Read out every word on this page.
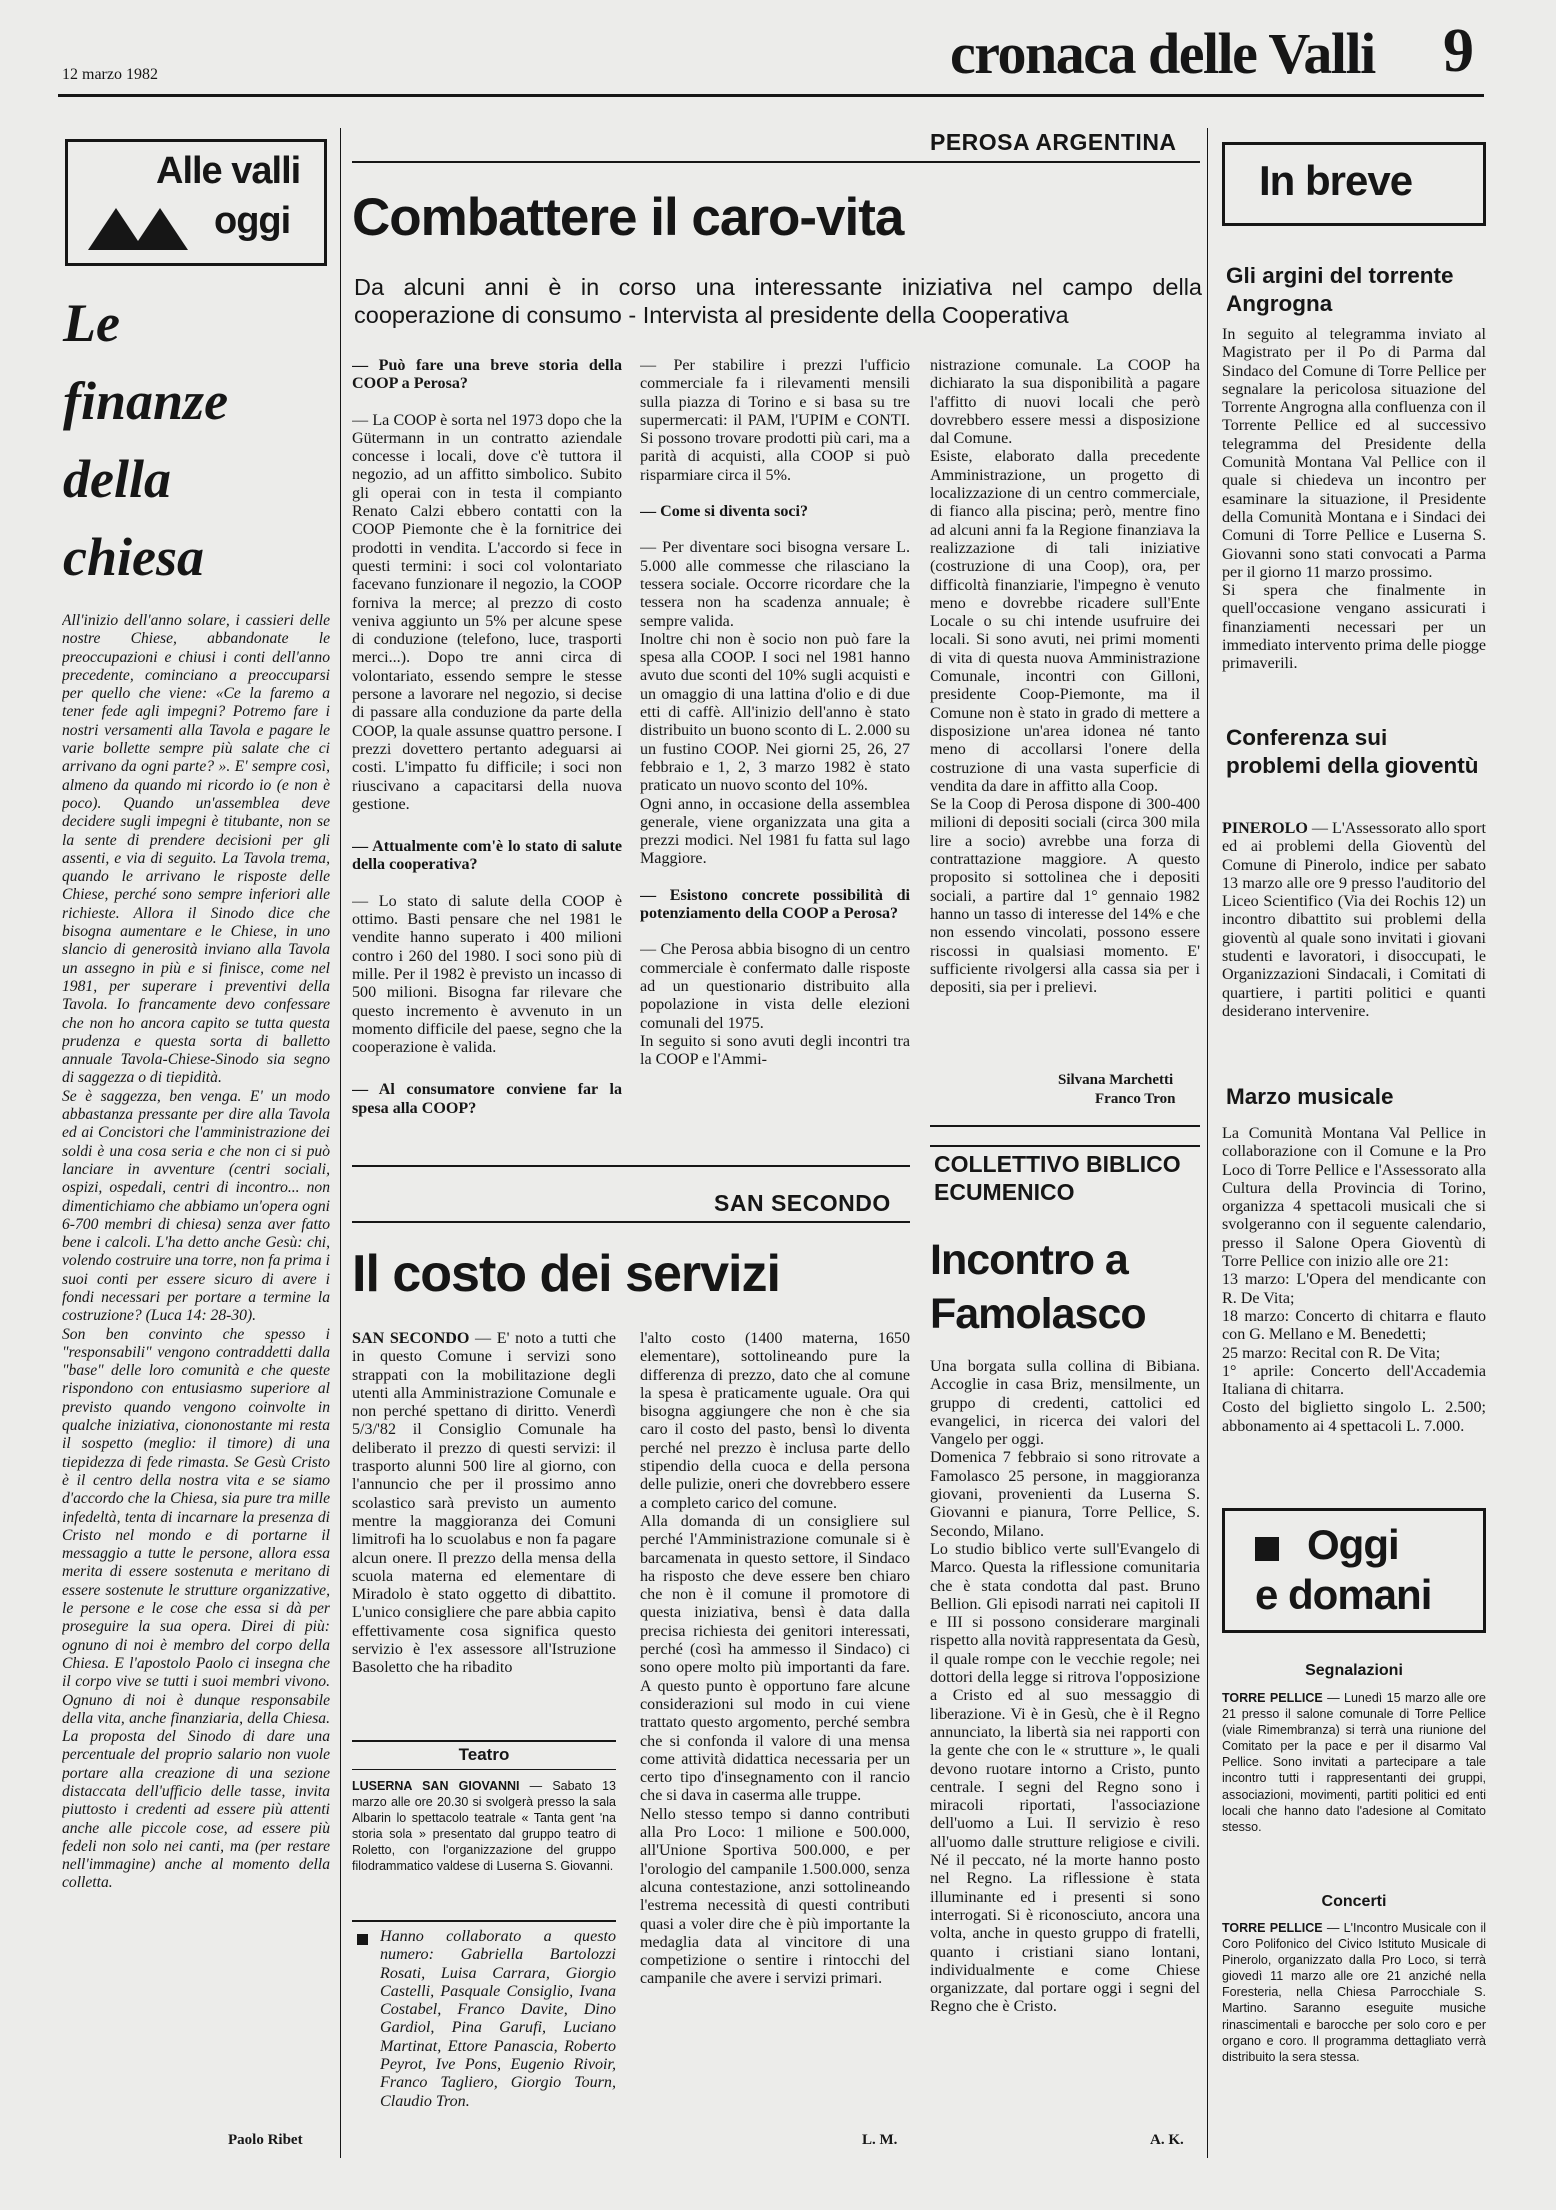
12 marzo 1982	cronaca delle Valli 9
Alle valli
oggi
Le
finanze
della
chiesa
All'inizio dell'anno solare, i cassieri delle nostre Chiese, abbandonate le preoccupazioni e chiusi i conti dell'anno precedente, cominciano a preoccuparsi per quello che viene: «Ce la faremo a tener fede agli impegni? Potremo fare i nostri versamenti alla Tavola e pagare le varie bollette sempre più salate che ci arrivano da ogni parte? ». E' sempre così, almeno da quando mi ricordo io (e non è poco). Quando un'assemblea deve decidere sugli impegni è titubante, non se la sente di prendere decisioni per gli assenti, e via di seguito. La Tavola trema, quando le arrivano le risposte delle Chiese, perché sono sempre inferiori alle richieste. Allora il Sinodo dice che bisogna aumentare e le Chiese, in uno slancio di generosità inviano alla Tavola un assegno in più e si finisce, come nel 1981, per superare i preventivi della Tavola. Io francamente devo confessare che non ho ancora capito se tutta questa prudenza e questa sorta di balletto annuale Tavola-Chiese-Sinodo sia segno di saggezza o di tiepidità.
Se è saggezza, ben venga. E' un modo abbastanza pressante per dire alla Tavola ed ai Concistori che l'amministrazione dei soldi è una cosa seria e che non ci si può lanciare in avventure (centri sociali, ospizi, ospedali, centri di incontro... non dimentichiamo che abbiamo un'opera ogni 6-700 membri di chiesa) senza aver fatto bene i calcoli. L'ha detto anche Gesù: chi, volendo costruire una torre, non fa prima i suoi conti per essere sicuro di avere i fondi necessari per portare a termine la costruzione? (Luca 14: 28-30).
Son ben convinto che spesso i "responsabili" vengono contraddetti dalla "base" delle loro comunità e che queste rispondono con entusiasmo superiore al previsto quando vengono coinvolte in qualche iniziativa, ciononostante mi resta il sospetto (meglio: il timore) di una tiepidezza di fede rimasta. Se Gesù Cristo è il centro della nostra vita e se siamo d'accordo che la Chiesa, sia pure tra mille infedeltà, tenta di incarnare la presenza di Cristo nel mondo e di portarne il messaggio a tutte le persone, allora essa merita di essere sostenuta e meritano di essere sostenute le strutture organizzative, le persone e le cose che essa si dà per proseguire la sua opera. Direi di più: ognuno di noi è membro del corpo della Chiesa. E l'apostolo Paolo ci insegna che il corpo vive se tutti i suoi membri vivono. Ognuno di noi è dunque responsabile della vita, anche finanziaria, della Chiesa. La proposta del Sinodo di dare una percentuale del proprio salario non vuole portare alla creazione di una sezione distaccata dell'ufficio delle tasse, invita piuttosto i credenti ad essere più attenti anche alle piccole cose, ad essere più fedeli non solo nei canti, ma (per restare nell'immagine) anche al momento della colletta.
Paolo Ribet
PEROSA ARGENTINA
Combattere il caro-vita
Da alcuni anni è in corso una interessante iniziativa nel campo della cooperazione di consumo - Intervista al presidente della Cooperativa
— Può fare una breve storia della COOP a Perosa?
— La COOP è sorta nel 1973 dopo che la Gütermann in un contratto aziendale concesse i locali, dove c'è tuttora il negozio, ad un affitto simbolico. Subito gli operai con in testa il compianto Renato Calzi ebbero contatti con la COOP Piemonte che è la fornitrice dei prodotti in vendita. L'accordo si fece in questi termini: i soci col volontariato facevano funzionare il negozio, la COOP forniva la merce; al prezzo di costo veniva aggiunto un 5% per alcune spese di conduzione (telefono, luce, trasporti merci...). Dopo tre anni circa di volontariato, essendo sempre le stesse persone a lavorare nel negozio, si decise di passare alla conduzione da parte della COOP, la quale assunse quattro persone. I prezzi dovettero pertanto adeguarsi ai costi. L'impatto fu difficile; i soci non riuscivano a capacitarsi della nuova gestione.
— Attualmente com'è lo stato di salute della cooperativa?
— Lo stato di salute della COOP è ottimo. Basti pensare che nel 1981 le vendite hanno superato i 400 milioni contro i 260 del 1980. I soci sono più di mille. Per il 1982 è previsto un incasso di 500 milioni. Bisogna far rilevare che questo incremento è avvenuto in un momento difficile del paese, segno che la cooperazione è valida.
— Al consumatore conviene far la spesa alla COOP?
— Per stabilire i prezzi l'ufficio commerciale fa i rilevamenti mensili sulla piazza di Torino e si basa su tre supermercati: il PAM, l'UPIM e CONTI. Si possono trovare prodotti più cari, ma a parità di acquisti, alla COOP si può risparmiare circa il 5%.
— Come si diventa soci?
— Per diventare soci bisogna versare L. 5.000 alle commesse che rilasciano la tessera sociale. Occorre ricordare che la tessera non ha scadenza annuale; è sempre valida.
Inoltre chi non è socio non può fare la spesa alla COOP. I soci nel 1981 hanno avuto due sconti del 10% sugli acquisti e un omaggio di una lattina d'olio e di due etti di caffè. All'inizio dell'anno è stato distribuito un buono sconto di L. 2.000 su un fustino COOP. Nei giorni 25, 26, 27 febbraio e 1, 2, 3 marzo 1982 è stato praticato un nuovo sconto del 10%.
Ogni anno, in occasione della assemblea generale, viene organizzata una gita a prezzi modici. Nel 1981 fu fatta sul lago Maggiore.
— Esistono concrete possibilità di potenziamento della COOP a Perosa?
— Che Perosa abbia bisogno di un centro commerciale è confermato dalle risposte ad un questionario distribuito alla popolazione in vista delle elezioni comunali del 1975.
In seguito si sono avuti degli incontri tra la COOP e l'Ammi-
nistrazione comunale. La COOP ha dichiarato la sua disponibilità a pagare l'affitto di nuovi locali che però dovrebbero essere messi a disposizione dal Comune.
Esiste, elaborato dalla precedente Amministrazione, un progetto di localizzazione di un centro commerciale, di fianco alla piscina; però, mentre fino ad alcuni anni fa la Regione finanziava la realizzazione di tali iniziative (costruzione di una Coop), ora, per difficoltà finanziarie, l'impegno è venuto meno e dovrebbe ricadere sull'Ente Locale o su chi intende usufruire dei locali. Si sono avuti, nei primi momenti di vita di questa nuova Amministrazione Comunale, incontri con Gilloni, presidente Coop-Piemonte, ma il Comune non è stato in grado di mettere a disposizione un'area idonea né tanto meno di accollarsi l'onere della costruzione di una vasta superficie di vendita da dare in affitto alla Coop.
Se la Coop di Perosa dispone di 300-400 milioni di depositi sociali (circa 300 mila lire a socio) avrebbe una forza di contrattazione maggiore. A questo proposito si sottolinea che i depositi sociali, a partire dal 1° gennaio 1982 hanno un tasso di interesse del 14% e che non essendo vincolati, possono essere riscossi in qualsiasi momento. E' sufficiente rivolgersi alla cassa sia per i depositi, sia per i prelievi.
Silvana Marchetti
Franco Tron
SAN SECONDO
Il costo dei servizi
SAN SECONDO — E' noto a tutti che in questo Comune i servizi sono strappati con la mobilitazione degli utenti alla Amministrazione Comunale e non perché spettano di diritto. Venerdì 5/3/'82 il Consiglio Comunale ha deliberato il prezzo di questi servizi: il trasporto alunni 500 lire al giorno, con l'annuncio che per il prossimo anno scolastico sarà previsto un aumento mentre la maggioranza dei Comuni limitrofi ha lo scuolabus e non fa pagare alcun onere. Il prezzo della mensa della scuola materna ed elementare di Miradolo è stato oggetto di dibattito. L'unico consigliere che pare abbia capito effettivamente cosa significa questo servizio è l'ex assessore all'Istruzione Basoletto che ha ribadito
l'alto costo (1400 materna, 1650 elementare), sottolineando pure la differenza di prezzo, dato che al comune la spesa è praticamente uguale. Ora qui bisogna aggiungere che non è che sia caro il costo del pasto, bensì lo diventa perché nel prezzo è inclusa parte dello stipendio della cuoca e della persona delle pulizie, oneri che dovrebbero essere a completo carico del comune.
Alla domanda di un consigliere sul perché l'Amministrazione comunale si è barcamenata in questo settore, il Sindaco ha risposto che deve essere ben chiaro che non è il comune il promotore di questa iniziativa, bensì è data dalla precisa richiesta dei genitori interessati, perché (così ha ammesso il Sindaco) ci sono opere molto più importanti da fare. A questo punto è opportuno fare alcune considerazioni sul modo in cui viene trattato questo argomento, perché sembra che si confonda il valore di una mensa come attività didattica necessaria per un certo tipo d'insegnamento con il rancio che si dava in caserma alle truppe.
Nello stesso tempo si danno contributi alla Pro Loco: 1 milione e 500.000, all'Unione Sportiva 500.000, e per l'orologio del campanile 1.500.000, senza alcuna contestazione, anzi sottolineando l'estrema necessità di questi contributi quasi a voler dire che è più importante la medaglia data al vincitore di una competizione o sentire i rintocchi del campanile che avere i servizi primari.
L. M.
Teatro
LUSERNA SAN GIOVANNI — Sabato 13 marzo alle ore 20.30 si svolgerà presso la sala Albarin lo spettacolo teatrale « Tanta gent 'na storia sola » presentato dal gruppo teatro di Roletto, con l'organizzazione del gruppo filodrammatico valdese di Luserna S. Giovanni.
Hanno collaborato a questo numero: Gabriella Bartolozzi Rosati, Luisa Carrara, Giorgio Castelli, Pasquale Consiglio, Ivana Costabel, Franco Davite, Dino Gardiol, Pina Garufi, Luciano Martinat, Ettore Panascia, Roberto Peyrot, Ive Pons, Eugenio Rivoir, Franco Tagliero, Giorgio Tourn, Claudio Tron.
COLLETTIVO BIBLICO ECUMENICO
Incontro a
Famolasco
Una borgata sulla collina di Bibiana. Accoglie in casa Briz, mensilmente, un gruppo di credenti, cattolici ed evangelici, in ricerca dei valori del Vangelo per oggi.
Domenica 7 febbraio si sono ritrovate a Famolasco 25 persone, in maggioranza giovani, provenienti da Luserna S. Giovanni e pianura, Torre Pellice, S. Secondo, Milano.
Lo studio biblico verte sull'Evangelo di Marco. Questa la riflessione comunitaria che è stata condotta dal past. Bruno Bellion. Gli episodi narrati nei capitoli II e III si possono considerare marginali rispetto alla novità rappresentata da Gesù, il quale rompe con le vecchie regole; nei dottori della legge si ritrova l'opposizione a Cristo ed al suo messaggio di liberazione. Vi è in Gesù, che è il Regno annunciato, la libertà sia nei rapporti con la gente che con le « strutture », le quali devono ruotare intorno a Cristo, punto centrale. I segni del Regno sono i miracoli riportati, l'associazione dell'uomo a Lui. Il servizio è reso all'uomo dalle strutture religiose e civili. Né il peccato, né la morte hanno posto nel Regno. La riflessione è stata illuminante ed i presenti si sono interrogati. Si è riconosciuto, ancora una volta, anche in questo gruppo di fratelli, quanto i cristiani siano lontani, individualmente e come Chiese organizzate, dal portare oggi i segni del Regno che è Cristo.
A. K.
In breve
Gli argini del torrente Angrogna
In seguito al telegramma inviato al Magistrato per il Po di Parma dal Sindaco del Comune di Torre Pellice per segnalare la pericolosa situazione del Torrente Angrogna alla confluenza con il Torrente Pellice ed al successivo telegramma del Presidente della Comunità Montana Val Pellice con il quale si chiedeva un incontro per esaminare la situazione, il Presidente della Comunità Montana e i Sindaci dei Comuni di Torre Pellice e Luserna S. Giovanni sono stati convocati a Parma per il giorno 11 marzo prossimo.
Si spera che finalmente in quell'occasione vengano assicurati i finanziamenti necessari per un immediato intervento prima delle piogge primaverili.
Conferenza sui problemi della gioventù
PINEROLO — L'Assessorato allo sport ed ai problemi della Gioventù del Comune di Pinerolo, indice per sabato 13 marzo alle ore 9 presso l'auditorio del Liceo Scientifico (Via dei Rochis 12) un incontro dibattito sui problemi della gioventù al quale sono invitati i giovani studenti e lavoratori, i disoccupati, le Organizzazioni Sindacali, i Comitati di quartiere, i partiti politici e quanti desiderano intervenire.
Marzo musicale
La Comunità Montana Val Pellice in collaborazione con il Comune e la Pro Loco di Torre Pellice e l'Assessorato alla Cultura della Provincia di Torino, organizza 4 spettacoli musicali che si svolgeranno con il seguente calendario, presso il Salone Opera Gioventù di Torre Pellice con inizio alle ore 21:
13 marzo: L'Opera del mendicante con R. De Vita;
18 marzo: Concerto di chitarra e flauto con G. Mellano e M. Benedetti;
25 marzo: Recital con R. De Vita;
1° aprile: Concerto dell'Accademia Italiana di chitarra.
Costo del biglietto singolo L. 2.500; abbonamento ai 4 spettacoli L. 7.000.
Oggi
e domani
Segnalazioni
TORRE PELLICE — Lunedì 15 marzo alle ore 21 presso il salone comunale di Torre Pellice (viale Rimembranza) si terrà una riunione del Comitato per la pace e per il disarmo Val Pellice. Sono invitati a partecipare a tale incontro tutti i rappresentanti dei gruppi, associazioni, movimenti, partiti politici ed enti locali che hanno dato l'adesione al Comitato stesso.
Concerti
TORRE PELLICE — L'Incontro Musicale con il Coro Polifonico del Civico Istituto Musicale di Pinerolo, organizzato dalla Pro Loco, si terrà giovedì 11 marzo alle ore 21 anziché nella Foresteria, nella Chiesa Parrocchiale S. Martino. Saranno eseguite musiche rinascimentali e barocche per solo coro e per organo e coro. Il programma dettagliato verrà distribuito la sera stessa.
